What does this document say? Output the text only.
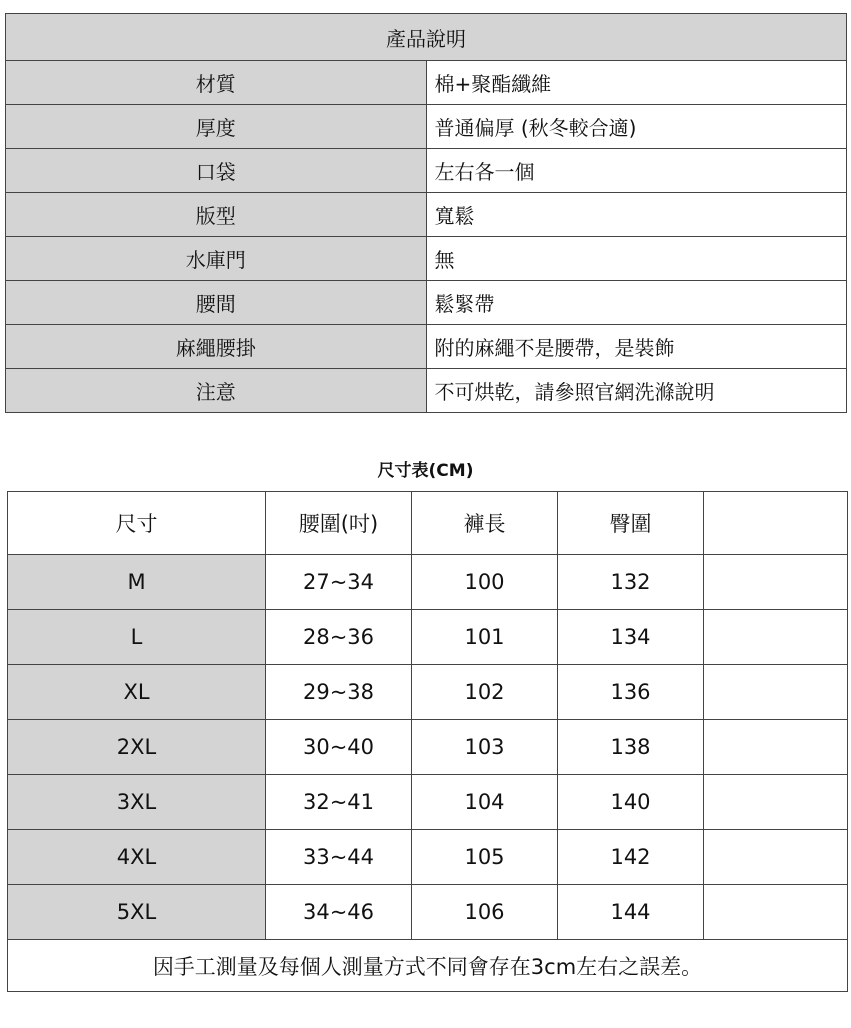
產品說明	
材質	棉+聚酯纖維
厚度	普通偏厚 (秋冬較合適)
口袋	左右各一個
版型	寬鬆
水庫門	無
腰間	鬆緊帶
麻繩腰掛	附的麻繩不是腰帶，是裝飾
注意	不可烘乾，請參照官網洗滌說明
尺寸表(CM)
尺寸	腰圍(吋)	褲長	臀圍	
M	27~34	100	132	
L	28~36	101	134	
XL	29~38	102	136	
2XL	30~40	103	138	
3XL	32~41	104	140	
4XL	33~44	105	142	
5XL	34~46	106	144	
因手工測量及每個人測量方式不同會存在3cm左右之誤差。				
